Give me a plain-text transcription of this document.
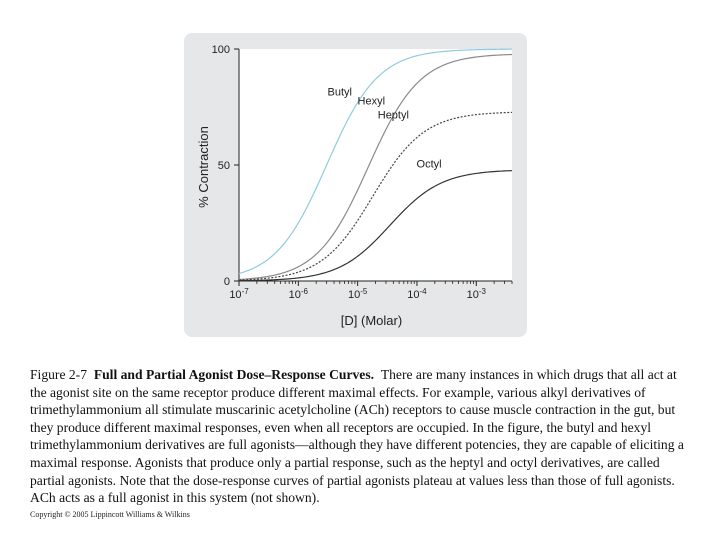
$10^{-7}$	$10^{-6}$	$10^{-5}$	$10^{-4}$	$10^{-3}$
0
50
100
[D] (Molar)
% Contraction
Butyl
Hexyl
Heptyl
Octyl

Figure 2-7 Full and Partial Agonist Dose–Response Curves. There are many instances in which drugs that all act at the agonist site on the same receptor produce different maximal effects. For example, various alkyl derivatives of trimethylammonium all stimulate muscarinic acetylcholine (ACh) receptors to cause muscle contraction in the gut, but they produce different maximal responses, even when all receptors are occupied. In the figure, the butyl and hexyl trimethylammonium derivatives are full agonists—although they have different potencies, they are capable of eliciting a maximal response. Agonists that produce only a partial response, such as the heptyl and octyl derivatives, are called partial agonists. Note that the dose-response curves of partial agonists plateau at values less than those of full agonists. ACh acts as a full agonist in this system (not shown).

Copyright © 2005 Lippincott Williams & Wilkins
